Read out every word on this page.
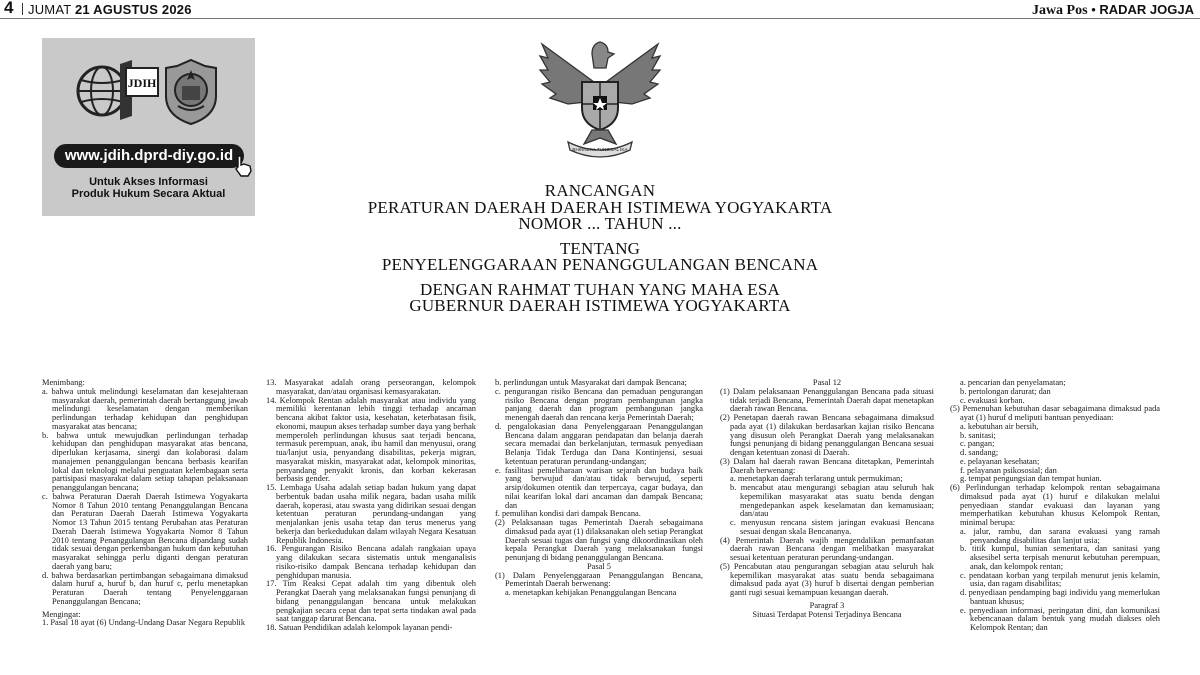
4 JUMAT 21 AGUSTUS 2026	Jawa Pos • RADAR JOGJA
JDIH
www.jdih.dprd-diy.go.id
Untuk Akses Informasi
Produk Hukum Secara Aktual
BHINNEKA TUNGGAL IKA
RANCANGAN
PERATURAN DAERAH DAERAH ISTIMEWA YOGYAKARTA
NOMOR ... TAHUN ...
TENTANG
PENYELENGGARAAN PENANGGULANGAN BENCANA
DENGAN RAHMAT TUHAN YANG MAHA ESA
GUBERNUR DAERAH ISTIMEWA YOGYAKARTA

Menimbang:

a. bahwa untuk melindungi keselamatan dan kesejahteraan masyarakat daerah, pemerintah daerah bertanggung jawab melindungi keselamatan dengan memberikan perlindungan terhadap kehidupan dan penghidupan masyarakat atas bencana;

b. bahwa untuk mewujudkan perlindungan terhadap kehidupan dan penghidupan masyarakat atas bencana, diperlukan kerjasama, sinergi dan kolaborasi dalam manajemen penanggulangan bencana berbasis kearifan lokal dan teknologi melalui penguatan kelembagaan serta partisipasi masyarakat dalam setiap tahapan pelaksanaan penanggulangan bencana;

c. bahwa Peraturan Daerah Daerah Istimewa Yogyakarta Nomor 8 Tahun 2010 tentang Penanggulangan Bencana dan Peraturan Daerah Daerah Istimewa Yogyakarta Nomor 13 Tahun 2015 tentang Perubahan atas Peraturan Daerah Daerah Istimewa Yogyakarta Nomor 8 Tahun 2010 tentang Penanggulangan Bencana dipandang sudah tidak sesuai dengan perkembangan hukum dan kebutuhan masyarakat sehingga perlu diganti dengan peraturan daerah yang baru;

d. bahwa berdasarkan pertimbangan sebagaimana dimaksud dalam huruf a, huruf b, dan huruf c, perlu menetapkan Peraturan Daerah tentang Penyelenggaraan Penanggulangan Bencana;

Mengingat:

1. Pasal 18 ayat (6) Undang-Undang Dasar Negara Republik

13. Masyarakat adalah orang perseorangan, kelompok masyarakat, dan/atau organisasi kemasyarakatan.

14. Kelompok Rentan adalah masyarakat atau individu yang memiliki kerentanan lebih tinggi terhadap ancaman bencana akibat faktor usia, kesehatan, keterbatasan fisik, ekonomi, maupun akses terhadap sumber daya yang berhak memperoleh perlindungan khusus saat terjadi bencana, termasuk perempuan, anak, ibu hamil dan menyusui, orang tua/lanjut usia, penyandang disabilitas, pekerja migran, masyarakat miskin, masyarakat adat, kelompok minoritas, penyandang penyakit kronis, dan korban kekerasan berbasis gender.

15. Lembaga Usaha adalah setiap badan hukum yang dapat berbentuk badan usaha milik negara, badan usaha milik daerah, koperasi, atau swasta yang didirikan sesuai dengan ketentuan peraturan perundang-undangan yang menjalankan jenis usaha tetap dan terus menerus yang bekerja dan berkedudukan dalam wilayah Negara Kesatuan Republik Indonesia.

16. Pengurangan Risiko Bencana adalah rangkaian upaya yang dilakukan secara sistematis untuk menganalisis risiko-risiko dampak Bencana terhadap kehidupan dan penghidupan manusia.

17. Tim Reaksi Cepat adalah tim yang dibentuk oleh Perangkat Daerah yang melaksanakan fungsi penunjang di bidang penanggulangan bencana untuk melakukan pengkajian secara cepat dan tepat serta tindakan awal pada saat tanggap darurat Bencana.

18. Satuan Pendidikan adalah kelompok layanan pendi-

b. perlindungan untuk Masyarakat dari dampak Bencana;

c. pengurangan risiko Bencana dan pemaduan pengurangan risiko Bencana dengan program pembangunan jangka panjang daerah dan program pembangunan jangka menengah daerah dan rencana kerja Pemerintah Daerah;

d. pengalokasian dana Penyelenggaraan Penanggulangan Bencana dalam anggaran pendapatan dan belanja daerah secara memadai dan berkelanjutan, termasuk penyediaan Belanja Tidak Terduga dan Dana Kontinjensi, sesuai ketentuan peraturan perundang-undangan;

e. fasilitasi pemeliharaan warisan sejarah dan budaya baik yang berwujud dan/atau tidak berwujud, seperti arsip/dokumen otentik dan terpercaya, cagar budaya, dan nilai kearifan lokal dari ancaman dan dampak Bencana; dan

f. pemulihan kondisi dari dampak Bencana.

(2) Pelaksanaan tugas Pemerintah Daerah sebagaimana dimaksud pada ayat (1) dilaksanakan oleh setiap Perangkat Daerah sesuai tugas dan fungsi yang dikoordinasikan oleh kepala Perangkat Daerah yang melaksanakan fungsi penunjang di bidang penanggulangan Bencana.

Pasal 5

(1) Dalam Penyelenggaraan Penanggulangan Bencana, Pemerintah Daerah berwenang:

a. menetapkan kebijakan Penanggulangan Bencana

Pasal 12

(1) Dalam pelaksanaan Penanggulangan Bencana pada situasi tidak terjadi Bencana, Pemerintah Daerah dapat menetapkan daerah rawan Bencana.

(2) Penetapan daerah rawan Bencana sebagaimana dimaksud pada ayat (1) dilakukan berdasarkan kajian risiko Bencana yang disusun oleh Perangkat Daerah yang melaksanakan fungsi penunjang di bidang penanggulangan Bencana sesuai dengan ketentuan zonasi di Daerah.

(3) Dalam hal daerah rawan Bencana ditetapkan, Pemerintah Daerah berwenang:

a. menetapkan daerah terlarang untuk permukiman;

b. mencabut atau mengurangi sebagian atau seluruh hak kepemilikan masyarakat atas suatu benda dengan mengedepankan aspek keselamatan dan kemanusiaan; dan/atau

c. menyusun rencana sistem jaringan evakuasi Bencana sesuai dengan skala Bencananya.

(4) Pemerintah Daerah wajib mengendalikan pemanfaatan daerah rawan Bencana dengan melibatkan masyarakat sesuai ketentuan peraturan perundang-undangan.

(5) Pencabutan atau pengurangan sebagian atau seluruh hak kepemilikan masyarakat atas suatu benda sebagaimana dimaksud pada ayat (3) huruf b disertai dengan pemberian ganti rugi sesuai kemampuan keuangan daerah.

Paragraf 3

Situasi Terdapat Potensi Terjadinya Bencana

a. pencarian dan penyelamatan;

b. pertolongan darurat; dan

c. evakuasi korban.

(5) Pemenuhan kebutuhan dasar sebagaimana dimaksud pada ayat (1) huruf d meliputi bantuan penyediaan:

a. kebutuhan air bersih,

b. sanitasi;

c. pangan;

d. sandang;

e. pelayanan kesehatan;

f. pelayanan psikososial; dan

g. tempat pengungsian dan tempat hunian.

(6) Perlindungan terhadap kelompok rentan sebagaimana dimaksud pada ayat (1) huruf e dilakukan melalui penyediaan standar evakuasi dan layanan yang memperhatikan kebutuhan khusus Kelompok Rentan, minimal berupa:

a. jalur, rambu, dan sarana evakuasi yang ramah penyandang disabilitas dan lanjut usia;

b. titik kumpul, hunian sementara, dan sanitasi yang aksesibel serta terpisah menurut kebutuhan perempuan, anak, dan kelompok rentan;

c. pendataan korban yang terpilah menurut jenis kelamin, usia, dan ragam disabilitas;

d. penyediaan pendamping bagi individu yang memerlukan bantuan khusus;

e. penyediaan informasi, peringatan dini, dan komunikasi kebencanaan dalam bentuk yang mudah diakses oleh Kelompok Rentan; dan
